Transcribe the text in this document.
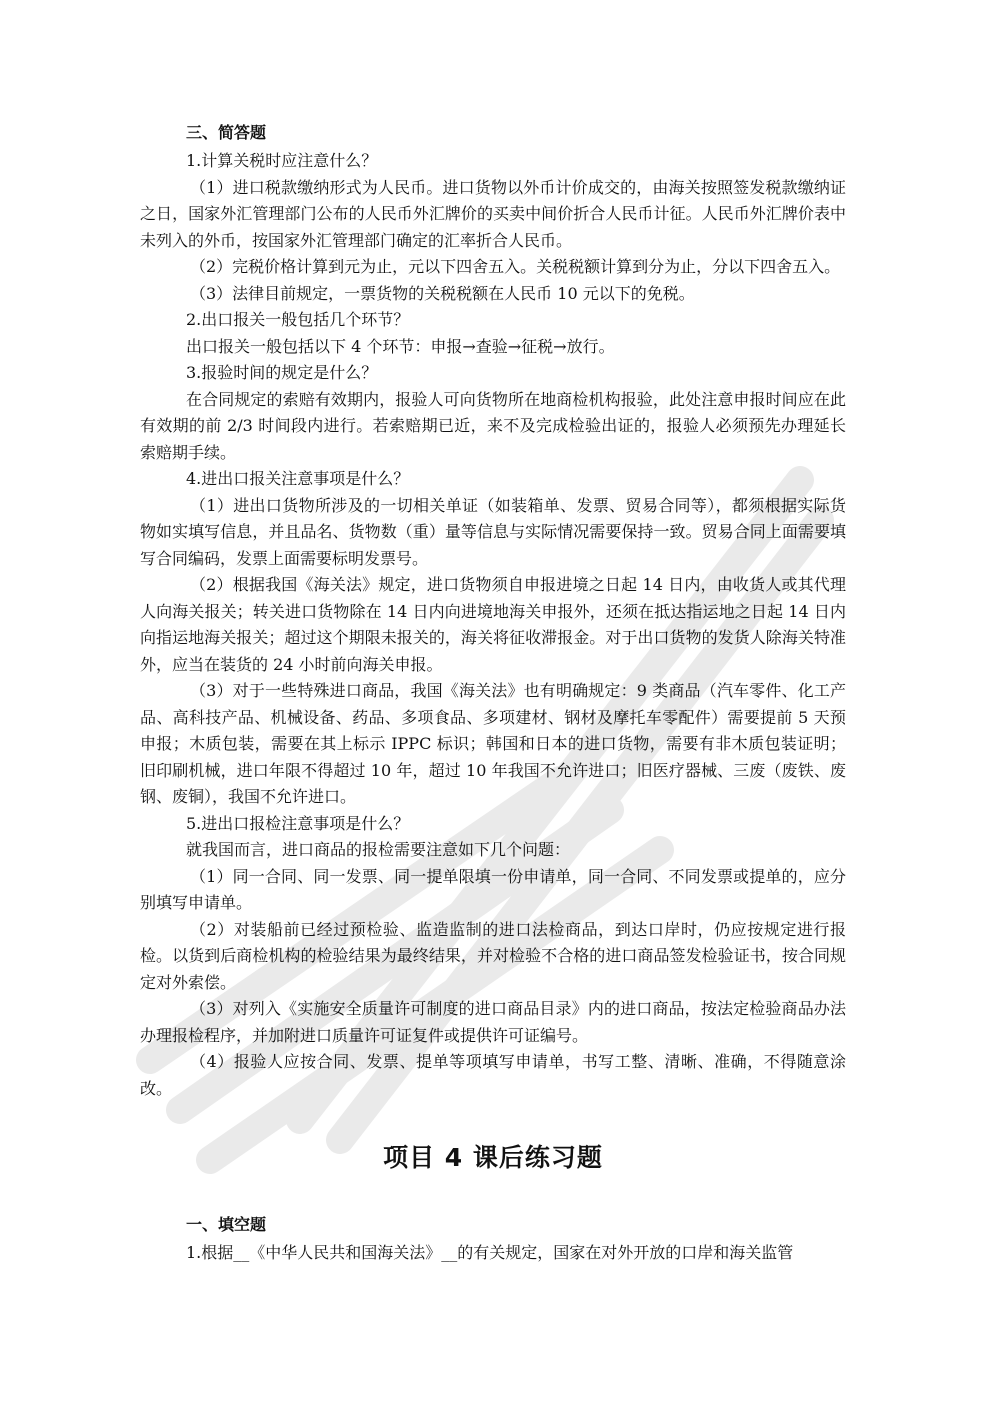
三、简答题

1.计算关税时应注意什么？

（1）进口税款缴纳形式为人民币。进口货物以外币计价成交的，由海关按照签发税款缴纳证之日，国家外汇管理部门公布的人民币外汇牌价的买卖中间价折合人民币计征。人民币外汇牌价表中未列入的外币，按国家外汇管理部门确定的汇率折合人民币。

（2）完税价格计算到元为止，元以下四舍五入。关税税额计算到分为止，分以下四舍五入。

（3）法律目前规定，一票货物的关税税额在人民币 10 元以下的免税。

2.出口报关一般包括几个环节？

出口报关一般包括以下 4 个环节：申报→查验→征税→放行。

3.报验时间的规定是什么？

在合同规定的索赔有效期内，报验人可向货物所在地商检机构报验，此处注意申报时间应在此有效期的前 2/3 时间段内进行。若索赔期已近，来不及完成检验出证的，报验人必须预先办理延长索赔期手续。

4.进出口报关注意事项是什么？

（1）进出口货物所涉及的一切相关单证（如装箱单、发票、贸易合同等），都须根据实际货物如实填写信息，并且品名、货物数（重）量等信息与实际情况需要保持一致。贸易合同上面需要填写合同编码，发票上面需要标明发票号。

（2）根据我国《海关法》规定，进口货物须自申报进境之日起 14 日内，由收货人或其代理人向海关报关；转关进口货物除在 14 日内向进境地海关申报外，还须在抵达指运地之日起 14 日内向指运地海关报关；超过这个期限未报关的，海关将征收滞报金。对于出口货物的发货人除海关特准外，应当在装货的 24 小时前向海关申报。

（3）对于一些特殊进口商品，我国《海关法》也有明确规定：9 类商品（汽车零件、化工产品、高科技产品、机械设备、药品、多项食品、多项建材、钢材及摩托车零配件）需要提前 5 天预申报；木质包装，需要在其上标示 IPPC 标识；韩国和日本的进口货物，需要有非木质包装证明；旧印刷机械，进口年限不得超过 10 年，超过 10 年我国不允许进口；旧医疗器械、三废（废铁、废钢、废铜），我国不允许进口。

5.进出口报检注意事项是什么？

就我国而言，进口商品的报检需要注意如下几个问题：

（1）同一合同、同一发票、同一提单限填一份申请单，同一合同、不同发票或提单的，应分别填写申请单。

（2）对装船前已经过预检验、监造监制的进口法检商品，到达口岸时，仍应按规定进行报检。以货到后商检机构的检验结果为最终结果，并对检验不合格的进口商品签发检验证书，按合同规定对外索偿。

（3）对列入《实施安全质量许可制度的进口商品目录》内的进口商品，按法定检验商品办法办理报检程序，并加附进口质量许可证复件或提供许可证编号。

（4）报验人应按合同、发票、提单等项填写申请单，书写工整、清晰、准确，不得随意涂改。

项目 4 课后练习题
一、填空题

1.根据__《中华人民共和国海关法》__的有关规定，国家在对外开放的口岸和海关监管
